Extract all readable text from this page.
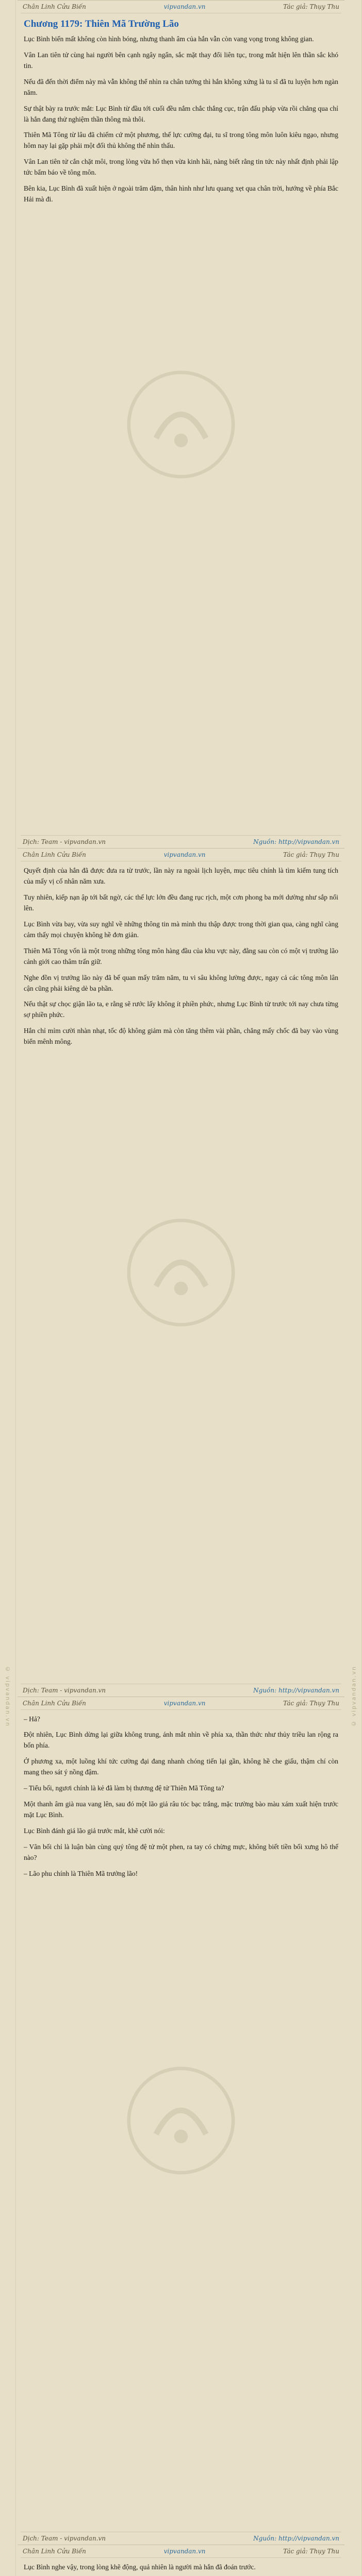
© vipvandan.vn	© vipvandan.vn
Chân Linh Cửu Biến	vipvandan.vn	Tác giả: Thụy Thu
Chương 1179: Thiên Mã Trường Lão

Lục Bình biến mất không còn hình bóng, nhưng thanh âm của hắn vẫn còn vang vọng trong không gian.

Vân Lan tiên tử cùng hai người bên cạnh ngây ngẩn, sắc mặt thay đổi liên tục, trong mắt hiện lên thần sắc khó tin.

Nếu đã đến thời điểm này mà vẫn không thể nhìn ra chân tướng thì hắn không xứng là tu sĩ đã tu luyện hơn ngàn năm.

Sự thật bày ra trước mắt: Lục Bình từ đầu tới cuối đều nắm chắc thắng cục, trận đấu pháp vừa rồi chẳng qua chỉ là hắn đang thử nghiệm thần thông mà thôi.

Thiên Mã Tông từ lâu đã chiếm cứ một phương, thế lực cường đại, tu sĩ trong tông môn luôn kiêu ngạo, nhưng hôm nay lại gặp phải một đối thủ không thể nhìn thấu.

Vân Lan tiên tử cắn chặt môi, trong lòng vừa hổ thẹn vừa kinh hãi, nàng biết rằng tin tức này nhất định phải lập tức bẩm báo về tông môn.

Bên kia, Lục Bình đã xuất hiện ở ngoài trăm dặm, thân hình như lưu quang xẹt qua chân trời, hướng về phía Bắc Hải mà đi.

Dịch: Team - vipvandan.vn	Nguồn: http://vipvandan.vn
Chân Linh Cửu Biến	vipvandan.vn	Tác giả: Thụy Thu

Quyết định của hắn đã được đưa ra từ trước, lần này ra ngoài lịch luyện, mục tiêu chính là tìm kiếm tung tích của mấy vị cố nhân năm xưa.

Tuy nhiên, kiếp nạn ập tới bất ngờ, các thế lực lớn đều đang rục rịch, một cơn phong ba mới dường như sắp nổi lên.

Lục Bình vừa bay, vừa suy nghĩ về những thông tin mà mình thu thập được trong thời gian qua, càng nghĩ càng cảm thấy mọi chuyện không hề đơn giản.

Thiên Mã Tông vốn là một trong những tông môn hàng đầu của khu vực này, đằng sau còn có một vị trưởng lão cảnh giới cao thâm trấn giữ.

Nghe đồn vị trưởng lão này đã bế quan mấy trăm năm, tu vi sâu không lường được, ngay cả các tông môn lân cận cũng phải kiêng dè ba phần.

Nếu thật sự chọc giận lão ta, e rằng sẽ rước lấy không ít phiền phức, nhưng Lục Bình từ trước tới nay chưa từng sợ phiền phức.

Hắn chỉ mỉm cười nhàn nhạt, tốc độ không giảm mà còn tăng thêm vài phần, chẳng mấy chốc đã bay vào vùng biển mênh mông.

Dịch: Team - vipvandan.vn	Nguồn: http://vipvandan.vn
Chân Linh Cửu Biến	vipvandan.vn	Tác giả: Thụy Thu

– Hả?

Đột nhiên, Lục Bình dừng lại giữa không trung, ánh mắt nhìn về phía xa, thần thức như thủy triều lan rộng ra bốn phía.

Ở phương xa, một luồng khí tức cường đại đang nhanh chóng tiến lại gần, không hề che giấu, thậm chí còn mang theo sát ý nồng đậm.

– Tiểu bối, ngươi chính là kẻ đã làm bị thương đệ tử Thiên Mã Tông ta?

Một thanh âm già nua vang lên, sau đó một lão giả râu tóc bạc trắng, mặc trường bào màu xám xuất hiện trước mặt Lục Bình.

Lục Bình đánh giá lão giả trước mắt, khẽ cười nói:

– Vãn bối chỉ là luận bàn cùng quý tông đệ tử một phen, ra tay có chừng mực, không biết tiền bối xưng hô thế nào?

– Lão phu chính là Thiên Mã trưởng lão!

Dịch: Team - vipvandan.vn	Nguồn: http://vipvandan.vn
Chân Linh Cửu Biến	vipvandan.vn	Tác giả: Thụy Thu

Lục Bình nghe vậy, trong lòng khẽ động, quả nhiên là người mà hắn đã đoán trước.
